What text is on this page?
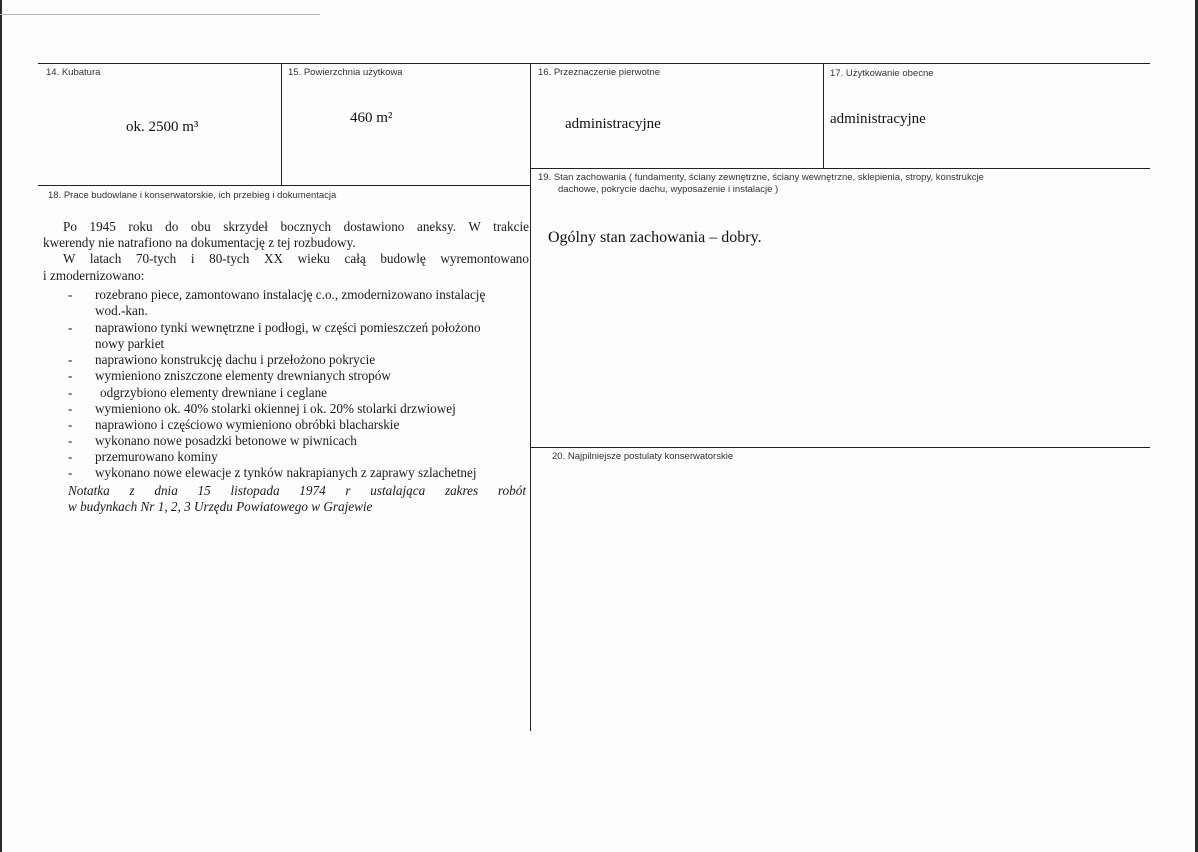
14. Kubatura
ok. 2500 m³
15. Powierzchnia użytkowa
460 m²
16. Przeznaczenie pierwotne
administracyjne
17. Użytkowanie obecne
administracyjne
18. Prace budowlane i konserwatorskie, ich przebieg i dokumentacja
Po 1945 roku do obu skrzydeł bocznych dostawiono aneksy. W trakcie
kwerendy nie natrafiono na dokumentację z tej rozbudowy.
W latach 70-tych i 80-tych XX wieku całą budowlę wyremontowano
i zmodernizowano:
- rozebrano piece, zamontowano instalację c.o., zmodernizowano instalację
wod.-kan.
- naprawiono tynki wewnętrzne i podłogi, w części pomieszczeń położono
nowy parkiet
- naprawiono konstrukcję dachu i przełożono pokrycie
- wymieniono zniszczone elementy drewnianych stropów
- odgrzybiono elementy drewniane i ceglane
- wymieniono ok. 40% stolarki okiennej i ok. 20% stolarki drzwiowej
- naprawiono i częściowo wymieniono obróbki blacharskie
- wykonano nowe posadzki betonowe w piwnicach
- przemurowano kominy
- wykonano nowe elewacje z tynków nakrapianych z zaprawy szlachetnej
Notatka z dnia 15 listopada 1974 r ustalająca zakres robót
w budynkach Nr 1, 2, 3 Urzędu Powiatowego w Grajewie
19. Stan zachowania ( fundamenty, ściany zewnętrzne, ściany wewnętrzne, sklepienia, stropy, konstrukcje
dachowe, pokrycie dachu, wyposażenie i instalacje )
Ogólny stan zachowania – dobry.
20. Najpilniejsze postulaty konserwatorskie
